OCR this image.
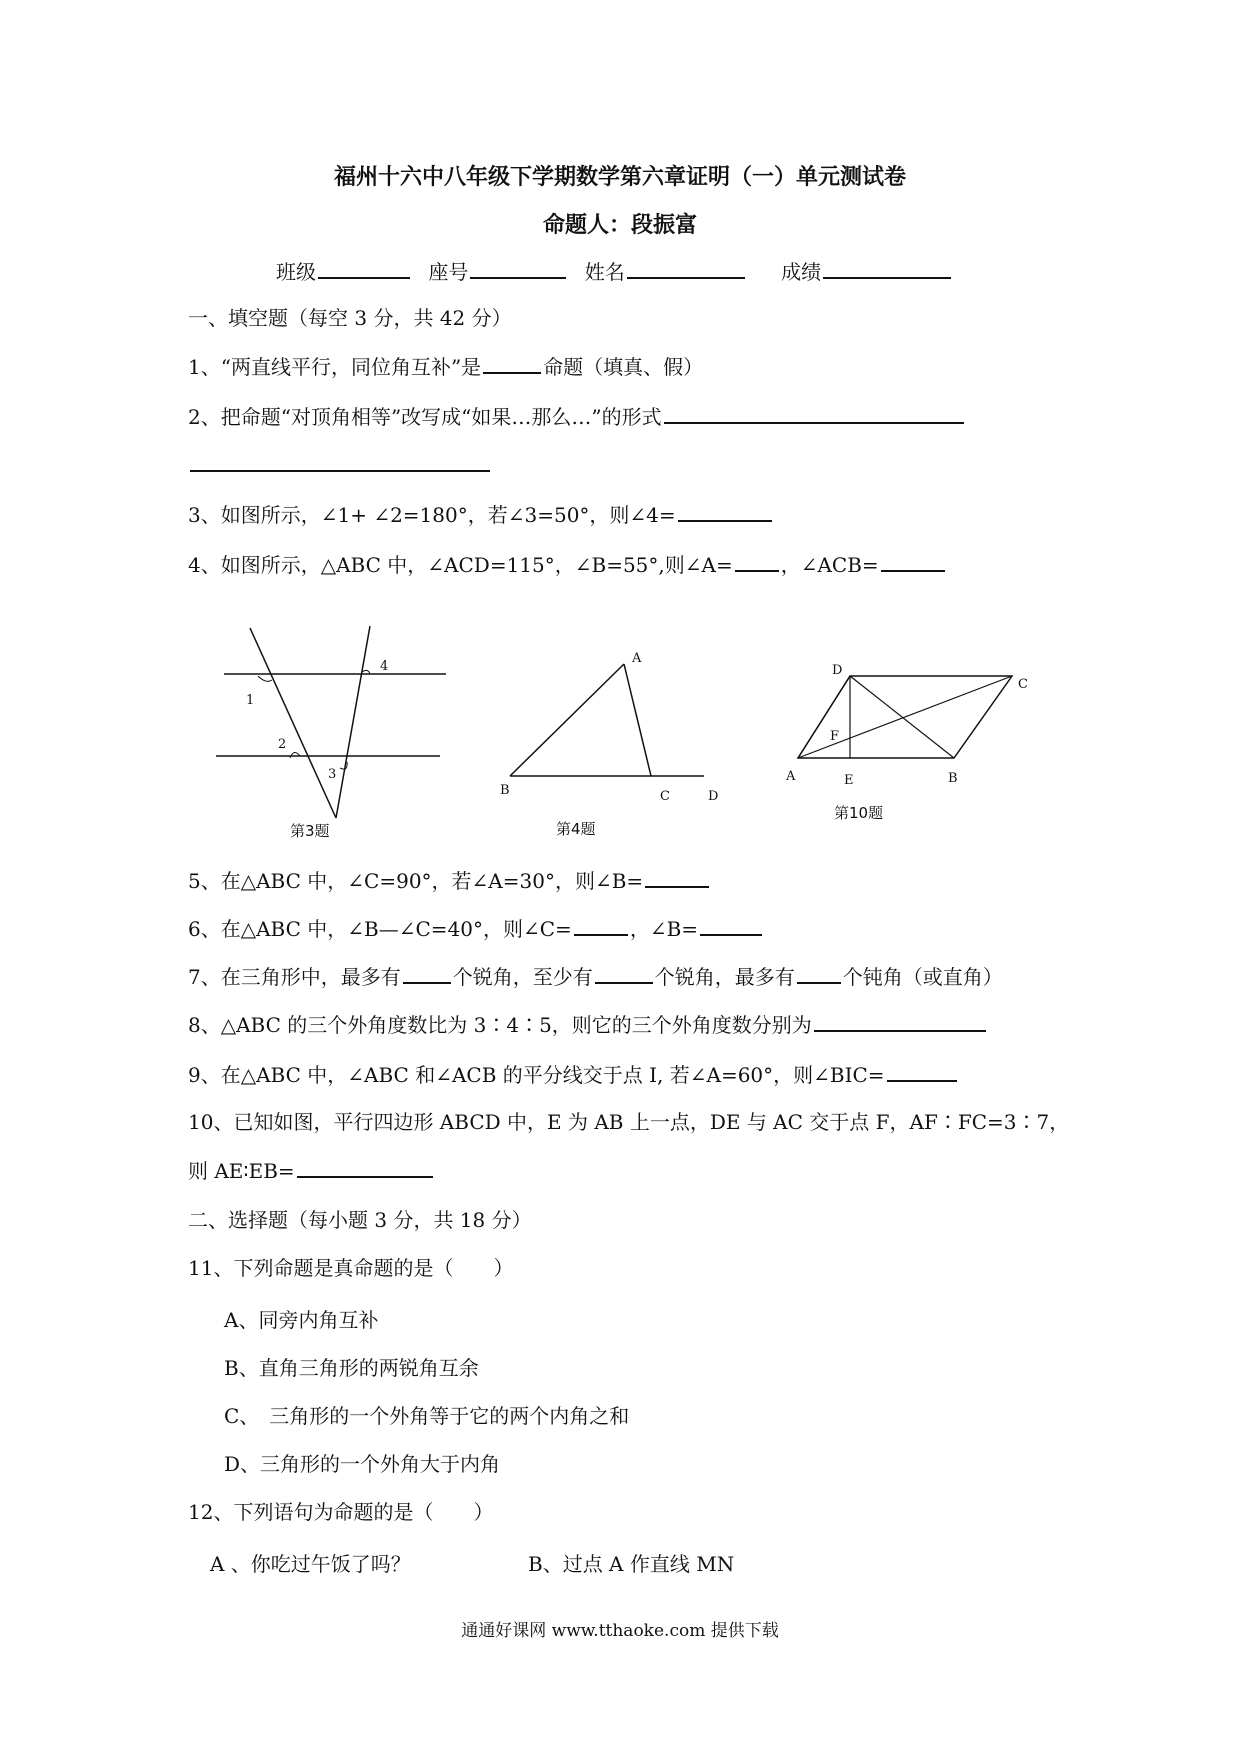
福州十六中八年级下学期数学第六章证明（一）单元测试卷
命题人：段振富
班级	座号	姓名	成绩
一、填空题（每空 3 分，共 42 分）
1、“两直线平行，同位角互补”是	命题（填真、假）
2、把命题“对顶角相等”改写成“如果…那么…”的形式
3、如图所示，∠1+ ∠2=180°，若∠3=50°，则∠4=
4、如图所示，△ABC 中，∠ACD=115°，∠B=55°,则∠A= ，∠ACB=
1
2
3
4
第3题
A
B	C	D
第4题
A	B
C
D
E
F
第10题
5、在△ABC 中，∠C=90°，若∠A=30°，则∠B=
6、在△ABC 中，∠B—∠C=40°，则∠C=	，∠B=
7、在三角形中，最多有	个锐角，至少有	个锐角，最多有 个钝角（或直角）
8、△ABC 的三个外角度数比为 3∶4∶5，则它的三个外角度数分别为
9、在△ABC 中，∠ABC 和∠ACB 的平分线交于点 I, 若∠A=60°，则∠BIC=
10、已知如图，平行四边形 ABCD 中，E 为 AB 上一点，DE 与 AC 交于点 F，AF∶FC=3∶7，
则 AE∶EB=
二、选择题（每小题 3 分，共 18 分）
11、下列命题是真命题的是（　　）
A、同旁内角互补
B、直角三角形的两锐角互余
C、　三角形的一个外角等于它的两个内角之和
D、三角形的一个外角大于内角
12、下列语句为命题的是（　　）
A 、你吃过午饭了吗？	B、过点 A 作直线 MN
通通好课网 www.tthaoke.com 提供下载
